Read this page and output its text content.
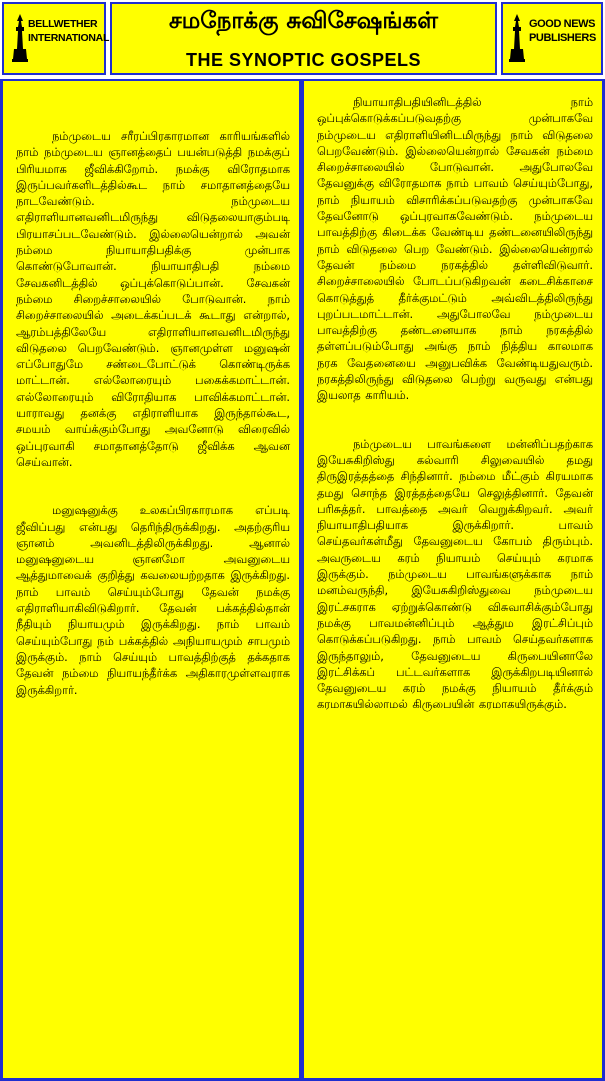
BELLWETHER
INTERNATIONAL
சமநோக்கு சுவிசேஷங்கள்
THE SYNOPTIC GOSPELS
GOOD NEWS
PUBLISHERS

நம்முடைய சரீரப்பிரகாரமான காரியங்களில் நாம் நம்முடைய ஞானத்தைப் பயன்படுத்தி நமக்குப் பிரியமாக ஜீவிக்கிறோம். நமக்கு விரோதமாக இருப்பவர்களிடத்தில்கூட நாம் சமாதானத்தையே நாடவேண்டும். நம்முடைய எதிராளியானவனிடமிருந்து விடுதலையாகும்படி பிரயாசப்படவேண்டும். இல்லையென்றால் அவன் நம்மை நியாயாதிபதிக்கு முன்பாக கொண்டுபோவான். நியாயாதிபதி நம்மை சேவகனிடத்தில் ஒப்புக்கொடுப்பான். சேவகன் நம்மை சிறைச்சாலையில் போடுவான். நாம் சிறைச்சாலையில் அடைக்கப்படக் கூடாது என்றால், ஆரம்பத்திலேயே எதிராளியானவனிடமிருந்து விடுதலை பெறவேண்டும். ஞானமுள்ள மனுஷன் எப்போதுமே சண்டைபோட்டுக் கொண்டிருக்க மாட்டான். எல்லோரையும் பகைக்கமாட்டான். எல்லோரையும் விரோதியாக பாவிக்கமாட்டான். யாராவது தனக்கு எதிராளியாக இருந்தால்கூட, சமயம் வாய்க்கும்போது அவனோடு விரைவில் ஒப்புரவாகி சமாதானத்தோடு ஜீவிக்க ஆவன செய்வான்.

மனுஷனுக்கு உலகப்பிரகாரமாக எப்படி ஜீவிப்பது என்பது தெரிந்திருக்கிறது. அதற்குரிய ஞானம் அவனிடத்திலிருக்கிறது. ஆனால் மனுஷனுடைய ஞானமோ அவனுடைய ஆத்துமாவைக் குறித்து கவலையற்றதாக இருக்கிறது. நாம் பாவம் செய்யும்போது தேவன் நமக்கு எதிராளியாகிவிடுகிறார். தேவன் பக்கத்தில்தான் நீதியும் நியாயமும் இருக்கிறது. நாம் பாவம் செய்யும்போது நம் பக்கத்தில் அநியாயமும் சாபமும் இருக்கும். நாம் செய்யும் பாவத்திற்குத் தக்கதாக தேவன் நம்மை நியாயந்தீர்க்க அதிகாரமுள்ளவராக இருக்கிறார்.

நியாயாதிபதியினிடத்தில் நாம் ஒப்புக்கொடுக்கப்படுவதற்கு முன்பாகவே நம்முடைய எதிராளியினிடமிருந்து நாம் விடுதலை பெறவேண்டும். இல்லையென்றால் சேவகன் நம்மை சிறைச்சாலையில் போடுவான். அதுபோலவே தேவனுக்கு விரோதமாக நாம் பாவம் செய்யும்போது, நாம் நியாயம் விசாரிக்கப்படுவதற்கு முன்பாகவே தேவனோடு ஒப்புரவாகவேண்டும். நம்முடைய பாவத்திற்கு கிடைக்க வேண்டிய தண்டனையிலிருந்து நாம் விடுதலை பெற வேண்டும். இல்லையென்றால் தேவன் நம்மை நரகத்தில் தள்ளிவிடுவார். சிறைச்சாலையில் போடப்படுகிறவன் கடைசிக்காசை கொடுத்துத் தீர்க்குமட்டும் அவ்விடத்திலிருந்து புறப்படமாட்டான். அதுபோலவே நம்முடைய பாவத்திற்கு தண்டனையாக நாம் நரகத்தில் தள்ளப்படும்போது அங்கு நாம் நித்திய காலமாக நரக வேதனையை அனுபவிக்க வேண்டியதுவரும். நரகத்திலிருந்து விடுதலை பெற்று வருவது என்பது இயலாத காரியம்.

நம்முடைய பாவங்களை மன்னிப்பதற்காக இயேசுகிறிஸ்து கல்வாரி சிலுவையில் தமது திருஇரத்தத்தை சிந்தினார். நம்மை மீட்கும் கிரயமாக தமது சொந்த இரத்தத்தையே செலுத்தினார். தேவன் பரிசுத்தர். பாவத்தை அவர் வெறுக்கிறவர். அவர் நியாயாதிபதியாக இருக்கிறார். பாவம் செய்தவர்கள்மீது தேவனுடைய கோபம் திரும்பும். அவருடைய கரம் நியாயம் செய்யும் கரமாக இருக்கும். நம்முடைய பாவங்களுக்காக நாம் மனம்வருந்தி, இயேசுகிறிஸ்துவை நம்முடைய இரட்சகராக ஏற்றுக்கொண்டு விசுவாசிக்கும்போது நமக்கு பாவமன்னிப்பும் ஆத்தும இரட்சிப்பும் கொடுக்கப்படுகிறது. நாம் பாவம் செய்தவர்களாக இருந்தாலும், தேவனுடைய கிருபையினாலே இரட்சிக்கப் பட்டவர்களாக இருக்கிறபடியினால் தேவனுடைய கரம் நமக்கு நியாயம் தீர்க்கும் கரமாகயில்லாமல் கிருபையின் கரமாகயிருக்கும்.
